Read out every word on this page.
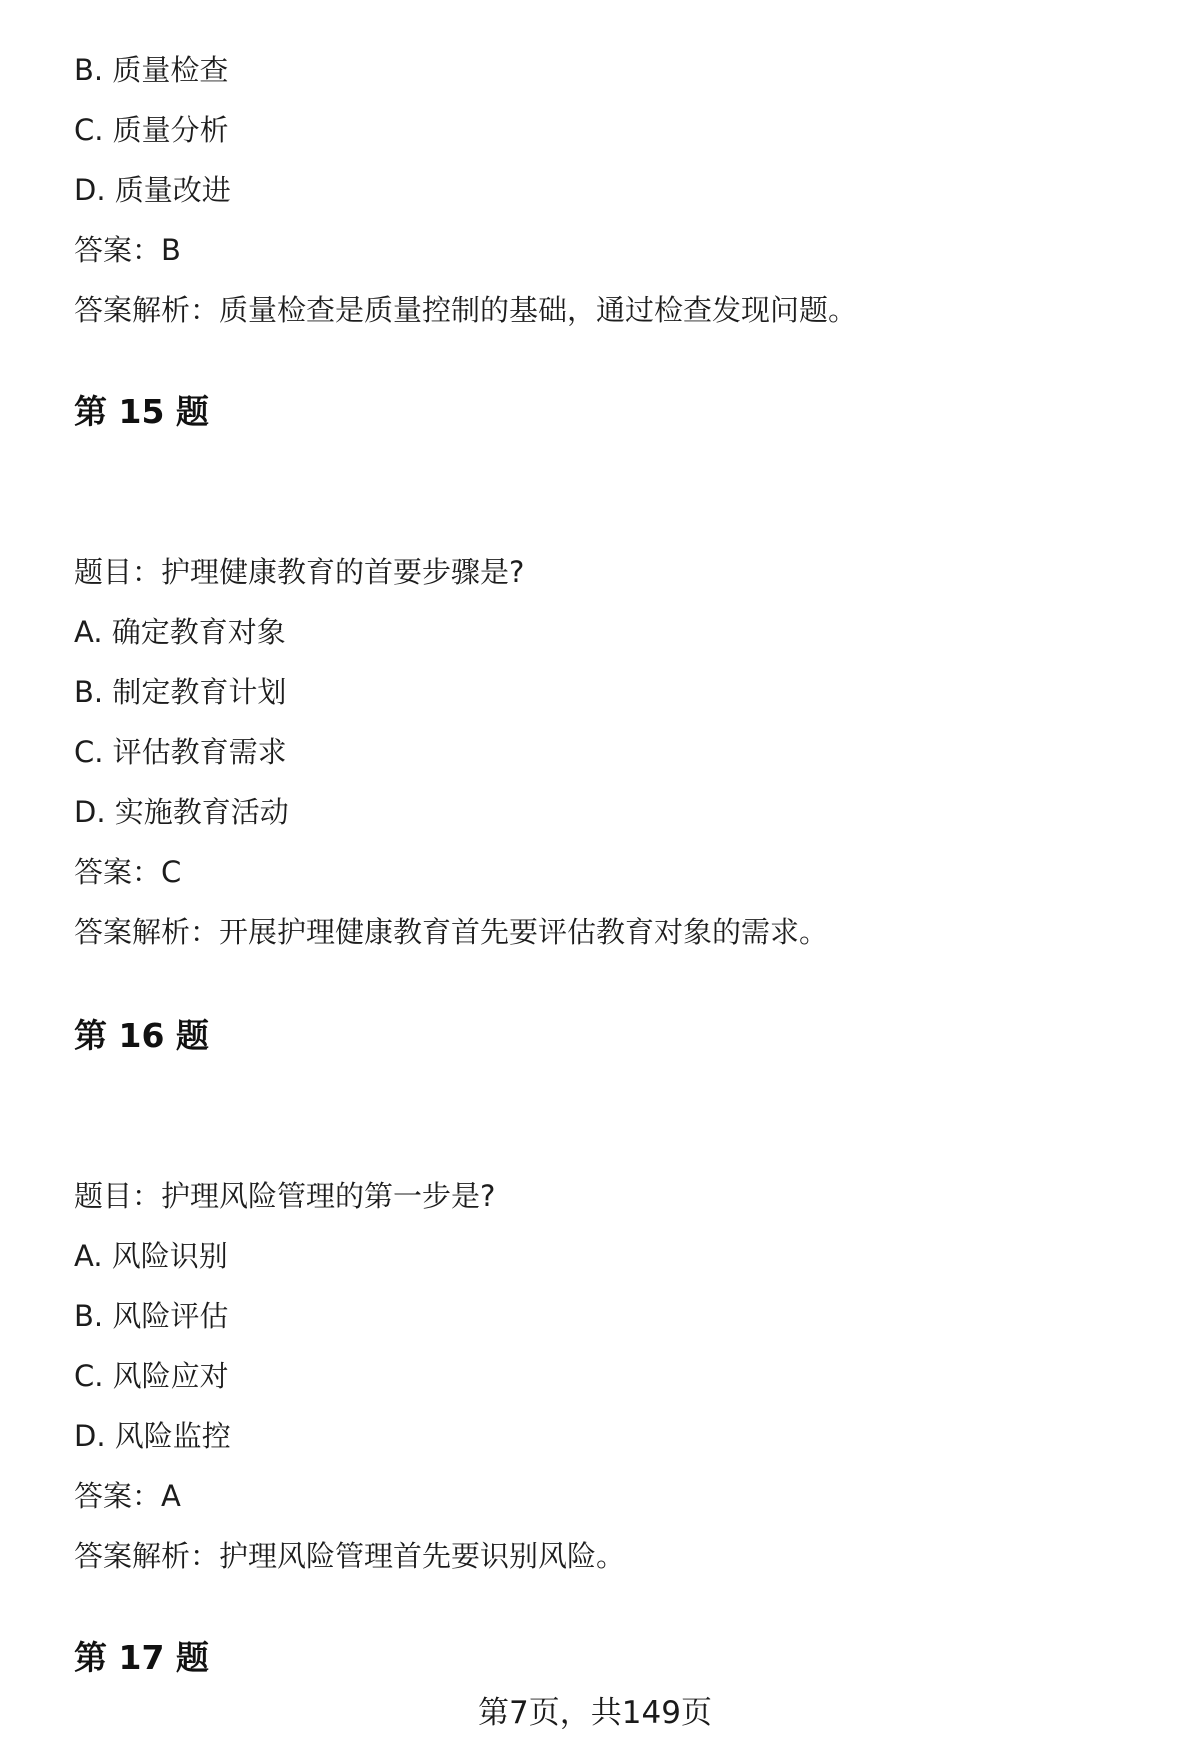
B. 质量检查
C. 质量分析
D. 质量改进
答案：B
答案解析：质量检查是质量控制的基础，通过检查发现问题。
第 15 题
题目：护理健康教育的首要步骤是?
A. 确定教育对象
B. 制定教育计划
C. 评估教育需求
D. 实施教育活动
答案：C
答案解析：开展护理健康教育首先要评估教育对象的需求。
第 16 题
题目：护理风险管理的第一步是?
A. 风险识别
B. 风险评估
C. 风险应对
D. 风险监控
答案：A
答案解析：护理风险管理首先要识别风险。
第 17 题
第7页，共149页
